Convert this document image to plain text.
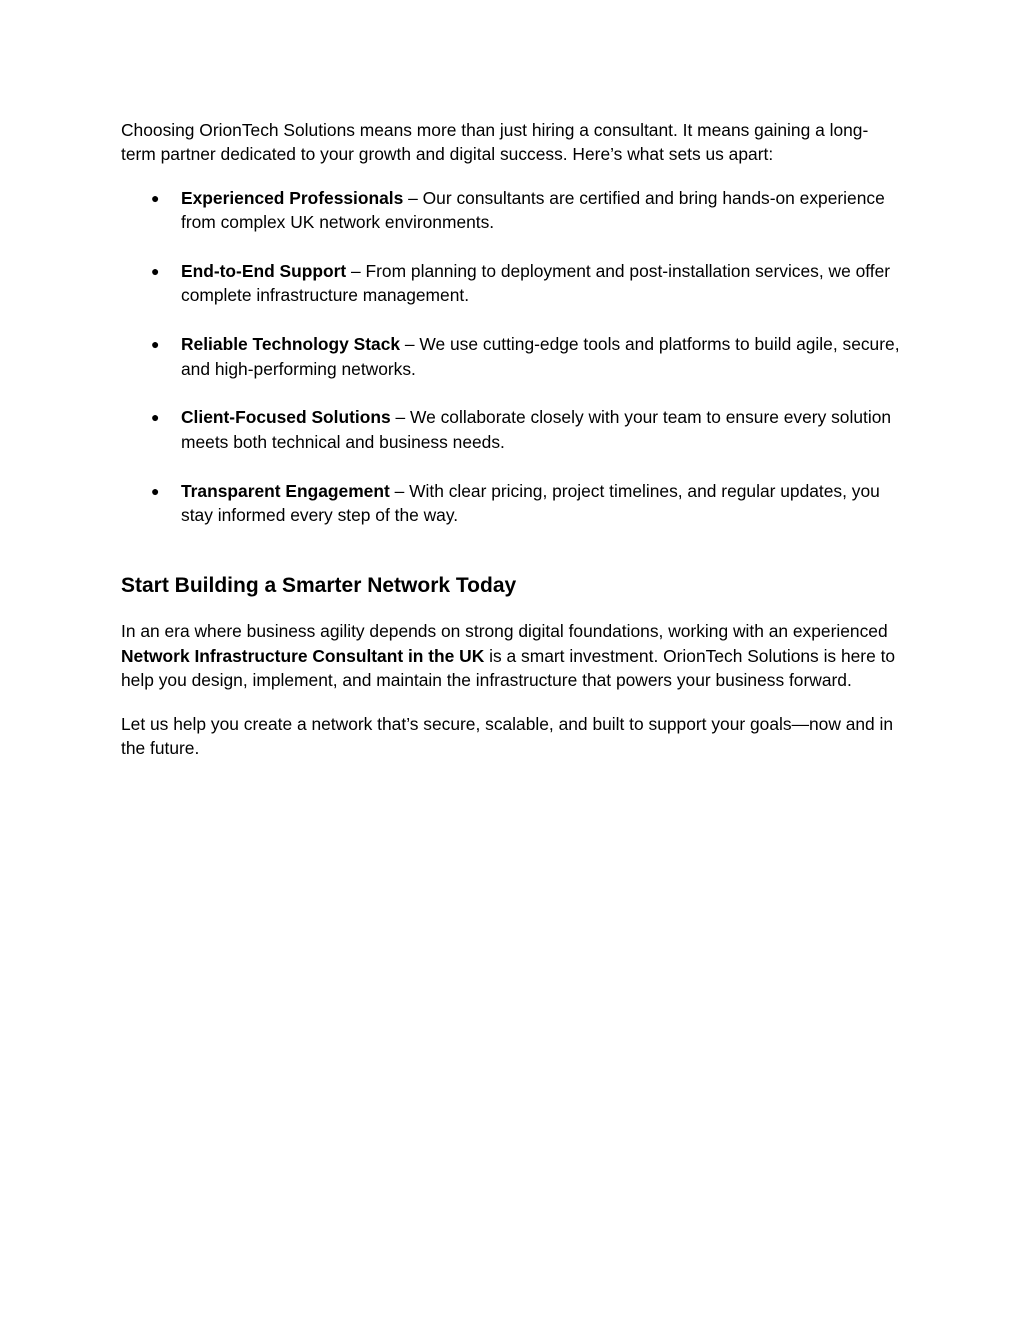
Choosing OrionTech Solutions means more than just hiring a consultant. It means gaining a long-term partner dedicated to your growth and digital success. Here’s what sets us apart:

● Experienced Professionals – Our consultants are certified and bring hands-on experience from complex UK network environments.
● End-to-End Support – From planning to deployment and post-installation services, we offer complete infrastructure management.
● Reliable Technology Stack – We use cutting-edge tools and platforms to build agile, secure, and high-performing networks.
● Client-Focused Solutions – We collaborate closely with your team to ensure every solution meets both technical and business needs.
● Transparent Engagement – With clear pricing, project timelines, and regular updates, you stay informed every step of the way.
Start Building a Smarter Network Today

In an era where business agility depends on strong digital foundations, working with an experienced Network Infrastructure Consultant in the UK is a smart investment. OrionTech Solutions is here to help you design, implement, and maintain the infrastructure that powers your business forward.

Let us help you create a network that’s secure, scalable, and built to support your goals—now and in the future.
